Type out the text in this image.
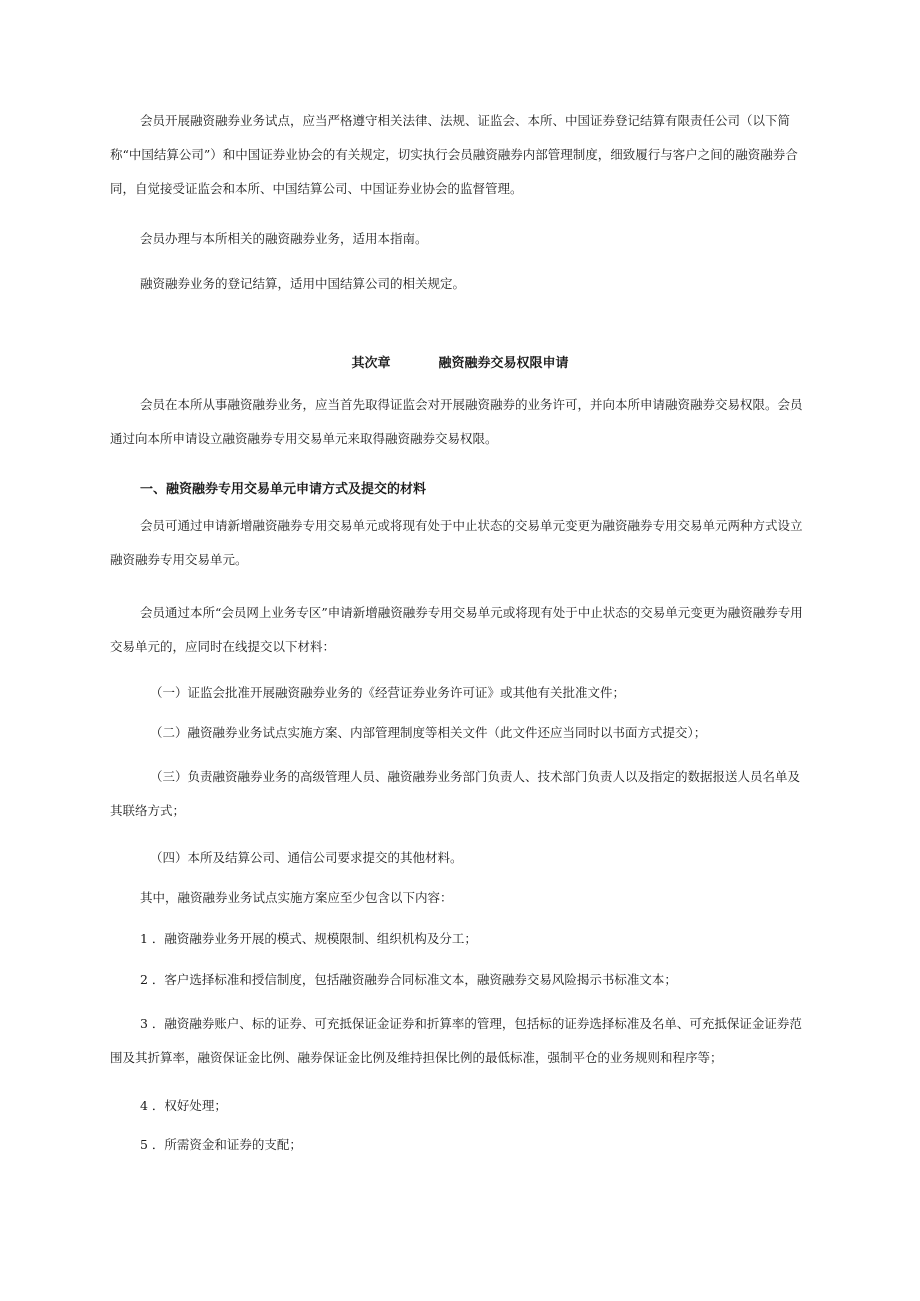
会员开展融资融券业务试点，应当严格遵守相关法律、法规、证监会、本所、中国证券登记结算有限责任公司（以下简称“中国结算公司”）和中国证券业协会的有关规定，切实执行会员融资融券内部管理制度，细致履行与客户之间的融资融券合同，自觉接受证监会和本所、中国结算公司、中国证券业协会的监督管理。

会员办理与本所相关的融资融券业务，适用本指南。

融资融券业务的登记结算，适用中国结算公司的相关规定。

其次章	融资融券交易权限申请

会员在本所从事融资融券业务，应当首先取得证监会对开展融资融券的业务许可，并向本所申请融资融券交易权限。会员通过向本所申请设立融资融券专用交易单元来取得融资融券交易权限。

一、融资融券专用交易单元申请方式及提交的材料

会员可通过申请新增融资融券专用交易单元或将现有处于中止状态的交易单元变更为融资融券专用交易单元两种方式设立融资融券专用交易单元。

会员通过本所“会员网上业务专区”申请新增融资融券专用交易单元或将现有处于中止状态的交易单元变更为融资融券专用交易单元的，应同时在线提交以下材料：

（一）证监会批准开展融资融券业务的《经营证券业务许可证》或其他有关批准文件；

（二）融资融券业务试点实施方案、内部管理制度等相关文件（此文件还应当同时以书面方式提交）；

（三）负责融资融券业务的高级管理人员、融资融券业务部门负责人、技术部门负责人以及指定的数据报送人员名单及其联络方式；

（四）本所及结算公司、通信公司要求提交的其他材料。

其中，融资融券业务试点实施方案应至少包含以下内容：

1 ．融资融券业务开展的模式、规模限制、组织机构及分工；

2 ．客户选择标准和授信制度，包括融资融券合同标准文本，融资融券交易风险揭示书标准文本；

3 ．融资融券账户、标的证券、可充抵保证金证券和折算率的管理，包括标的证券选择标准及名单、可充抵保证金证券范围及其折算率，融资保证金比例、融券保证金比例及维持担保比例的最低标准，强制平仓的业务规则和程序等；

4 ．权好处理；

5 ．所需资金和证券的支配；
